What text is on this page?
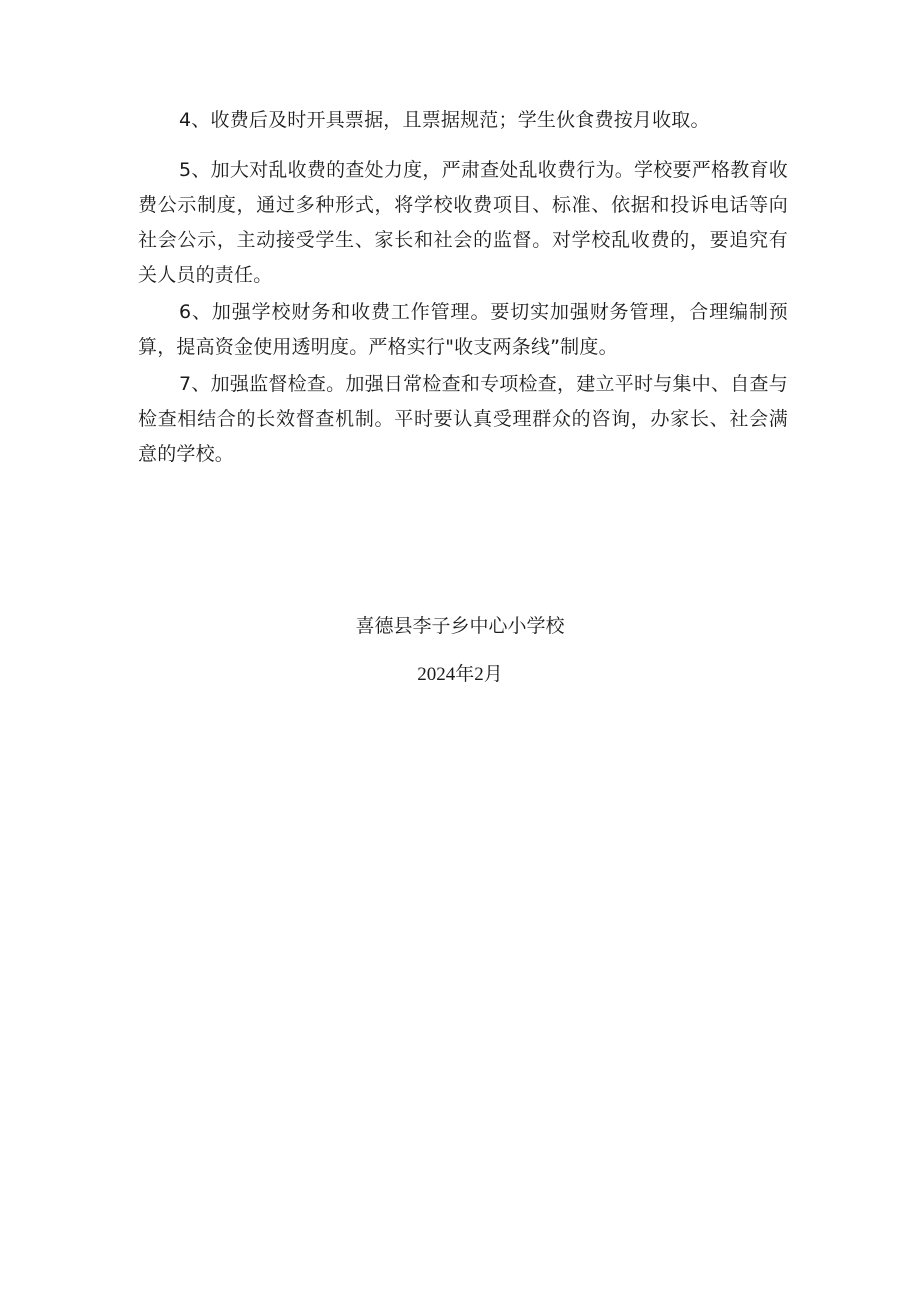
4、收费后及时开具票据，且票据规范；学生伙食费按月收取。

5、加大对乱收费的查处力度，严肃查处乱收费行为。学校要严格教育收费公示制度，通过多种形式，将学校收费项目、标准、依据和投诉电话等向社会公示，主动接受学生、家长和社会的监督。对学校乱收费的，要追究有关人员的责任。

6、加强学校财务和收费工作管理。要切实加强财务管理，合理编制预算，提高资金使用透明度。严格实行"收支两条线”制度。

7、加强监督检查。加强日常检查和专项检查，建立平时与集中、自查与检查相结合的长效督查机制。平时要认真受理群众的咨询，办家长、社会满意的学校。

喜德县李子乡中心小学校
2024年2月
